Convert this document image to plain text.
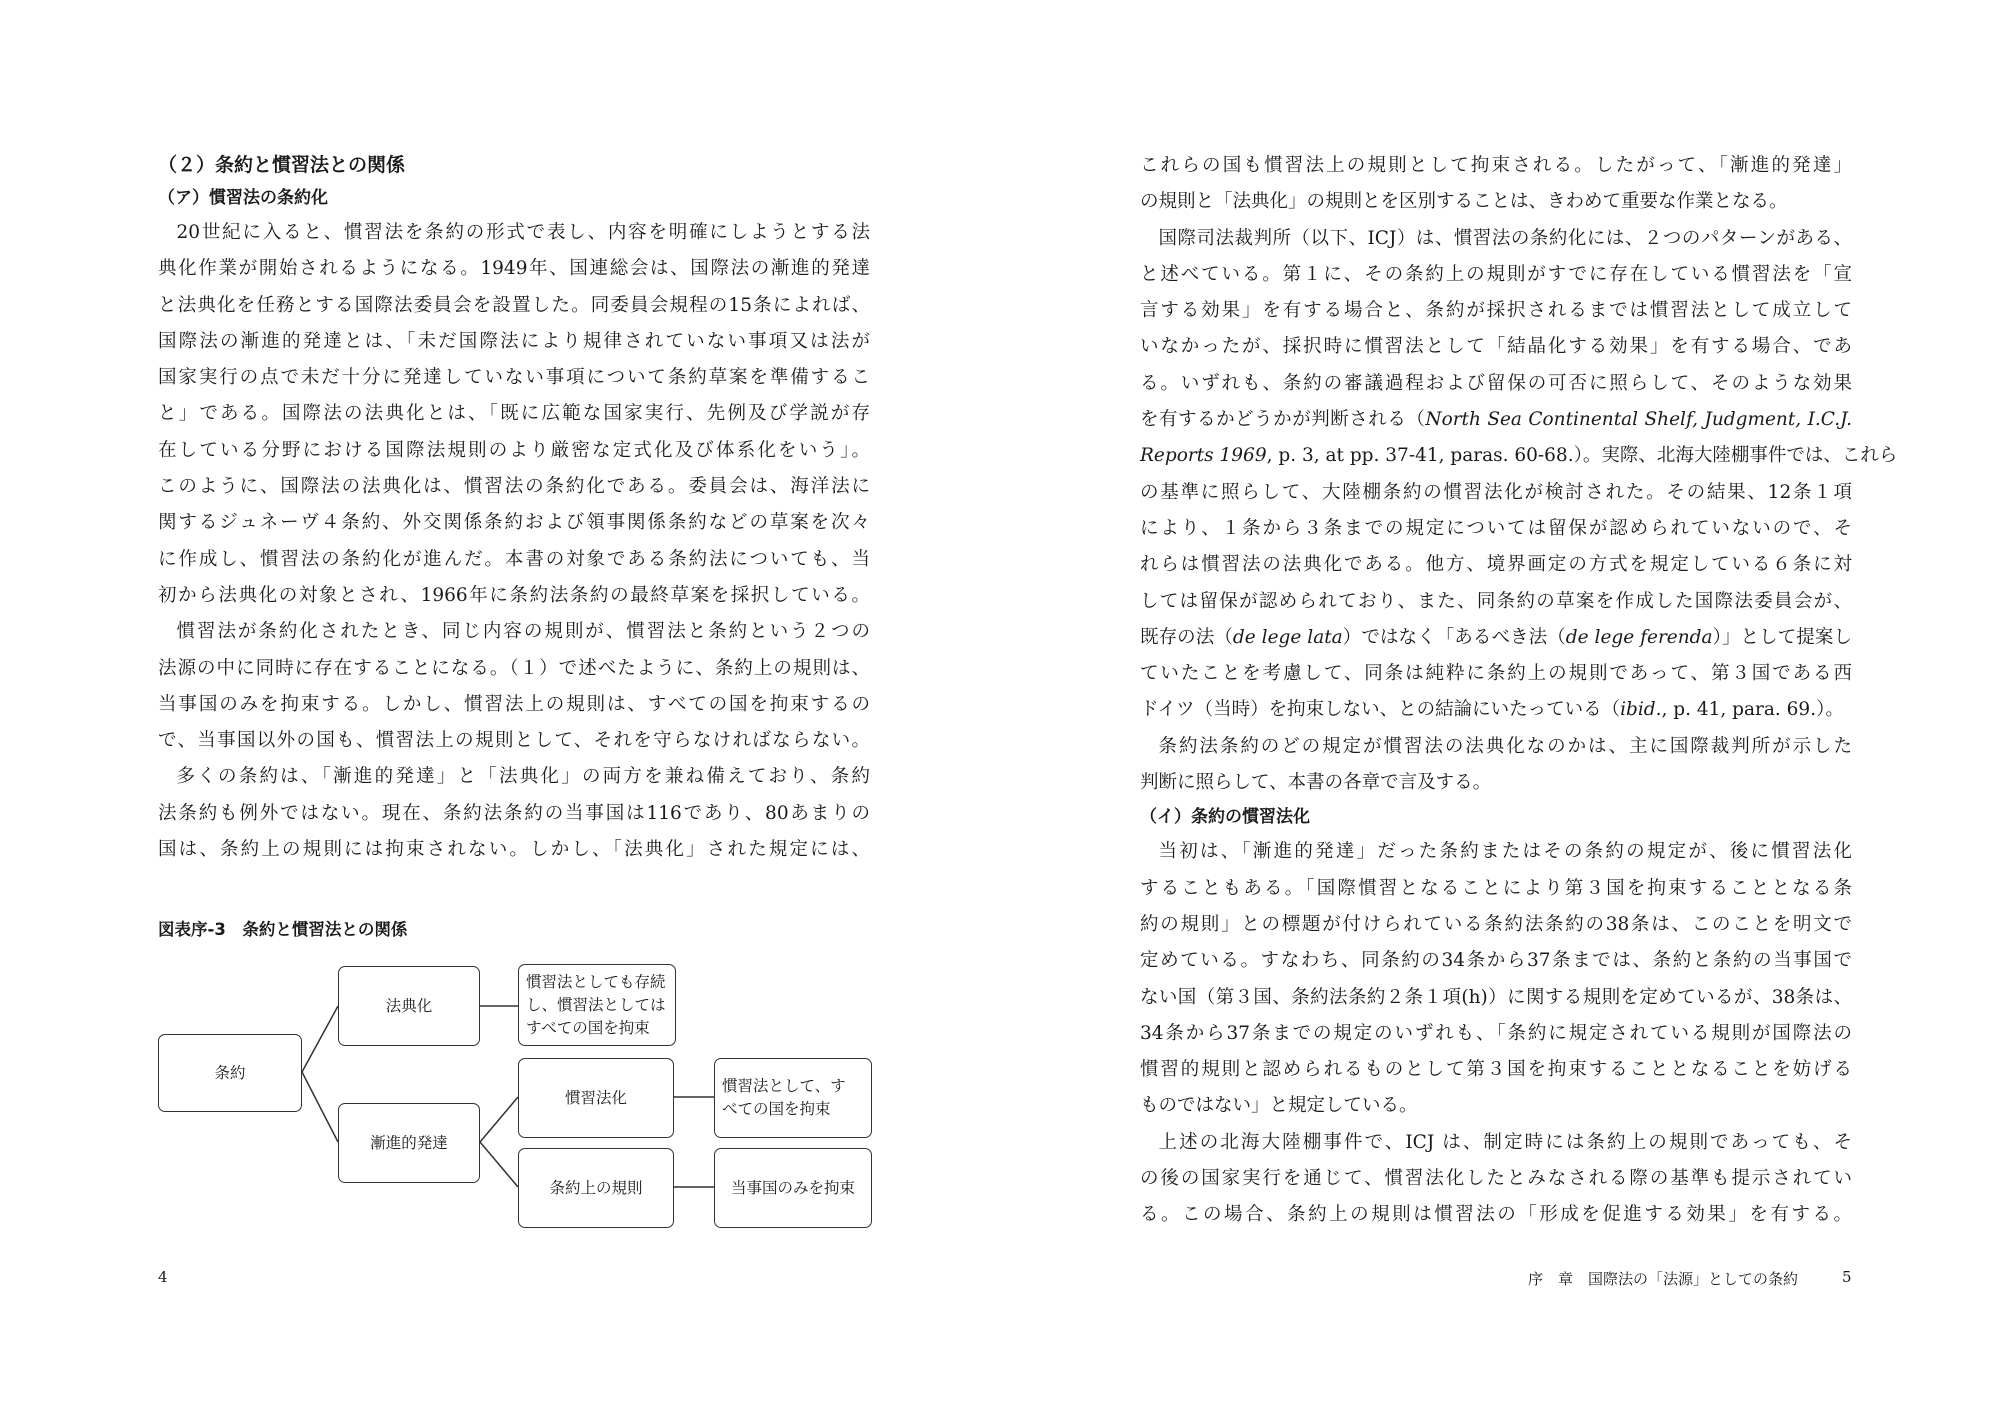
（２）条約と慣習法との関係
（ア）慣習法の条約化
20世紀に入ると、慣習法を条約の形式で表し、内容を明確にしようとする法
典化作業が開始されるようになる。1949年、国連総会は、国際法の漸進的発達
と法典化を任務とする国際法委員会を設置した。同委員会規程の15条によれば、
国際法の漸進的発達とは、「未だ国際法により規律されていない事項又は法が
国家実行の点で未だ十分に発達していない事項について条約草案を準備するこ
と」である。国際法の法典化とは、「既に広範な国家実行、先例及び学説が存
在している分野における国際法規則のより厳密な定式化及び体系化をいう」。
このように、国際法の法典化は、慣習法の条約化である。委員会は、海洋法に
関するジュネーヴ４条約、外交関係条約および領事関係条約などの草案を次々
に作成し、慣習法の条約化が進んだ。本書の対象である条約法についても、当
初から法典化の対象とされ、1966年に条約法条約の最終草案を採択している。
慣習法が条約化されたとき、同じ内容の規則が、慣習法と条約という２つの
法源の中に同時に存在することになる。（１）で述べたように、条約上の規則は、
当事国のみを拘束する。しかし、慣習法上の規則は、すべての国を拘束するの
で、当事国以外の国も、慣習法上の規則として、それを守らなければならない。
多くの条約は、「漸進的発達」と「法典化」の両方を兼ね備えており、条約
法条約も例外ではない。現在、条約法条約の当事国は116であり、80あまりの
国は、条約上の規則には拘束されない。しかし、「法典化」された規定には、
図表序-3　条約と慣習法との関係
条約
法典化
慣習法としても存続
し、慣習法としては
すべての国を拘束
漸進的発達
慣習法化
慣習法として、す
べての国を拘束
条約上の規則	当事国のみを拘束
4
これらの国も慣習法上の規則として拘束される。したがって、「漸進的発達」
の規則と「法典化」の規則とを区別することは、きわめて重要な作業となる。
国際司法裁判所（以下、ICJ）は、慣習法の条約化には、２つのパターンがある、
と述べている。第１に、その条約上の規則がすでに存在している慣習法を「宣
言する効果」を有する場合と、条約が採択されるまでは慣習法として成立して
いなかったが、採択時に慣習法として「結晶化する効果」を有する場合、であ
る。いずれも、条約の審議過程および留保の可否に照らして、そのような効果
を有するかどうかが判断される（North Sea Continental Shelf, Judgment, I.C.J.
Reports 1969, p. 3, at pp. 37-41, paras. 60-68.）。実際、北海大陸棚事件では、これら
の基準に照らして、大陸棚条約の慣習法化が検討された。その結果、12条１項
により、１条から３条までの規定については留保が認められていないので、そ
れらは慣習法の法典化である。他方、境界画定の方式を規定している６条に対
しては留保が認められており、また、同条約の草案を作成した国際法委員会が、
既存の法（de lege lata）ではなく「あるべき法（de lege ferenda）」として提案し
ていたことを考慮して、同条は純粋に条約上の規則であって、第３国である西
ドイツ（当時）を拘束しない、との結論にいたっている（ibid., p. 41, para. 69.）。
条約法条約のどの規定が慣習法の法典化なのかは、主に国際裁判所が示した
判断に照らして、本書の各章で言及する。
（イ）条約の慣習法化
当初は、「漸進的発達」だった条約またはその条約の規定が、後に慣習法化
することもある。「国際慣習となることにより第３国を拘束することとなる条
約の規則」との標題が付けられている条約法条約の38条は、このことを明文で
定めている。すなわち、同条約の34条から37条までは、条約と条約の当事国で
ない国（第３国、条約法条約２条１項(h)）に関する規則を定めているが、38条は、
34条から37条までの規定のいずれも、「条約に規定されている規則が国際法の
慣習的規則と認められるものとして第３国を拘束することとなることを妨げる
ものではない」と規定している。
上述の北海大陸棚事件で、ICJ は、制定時には条約上の規則であっても、そ
の後の国家実行を通じて、慣習法化したとみなされる際の基準も提示されてい
る。この場合、条約上の規則は慣習法の「形成を促進する効果」を有する。
序　章　国際法の「法源」としての条約	5
